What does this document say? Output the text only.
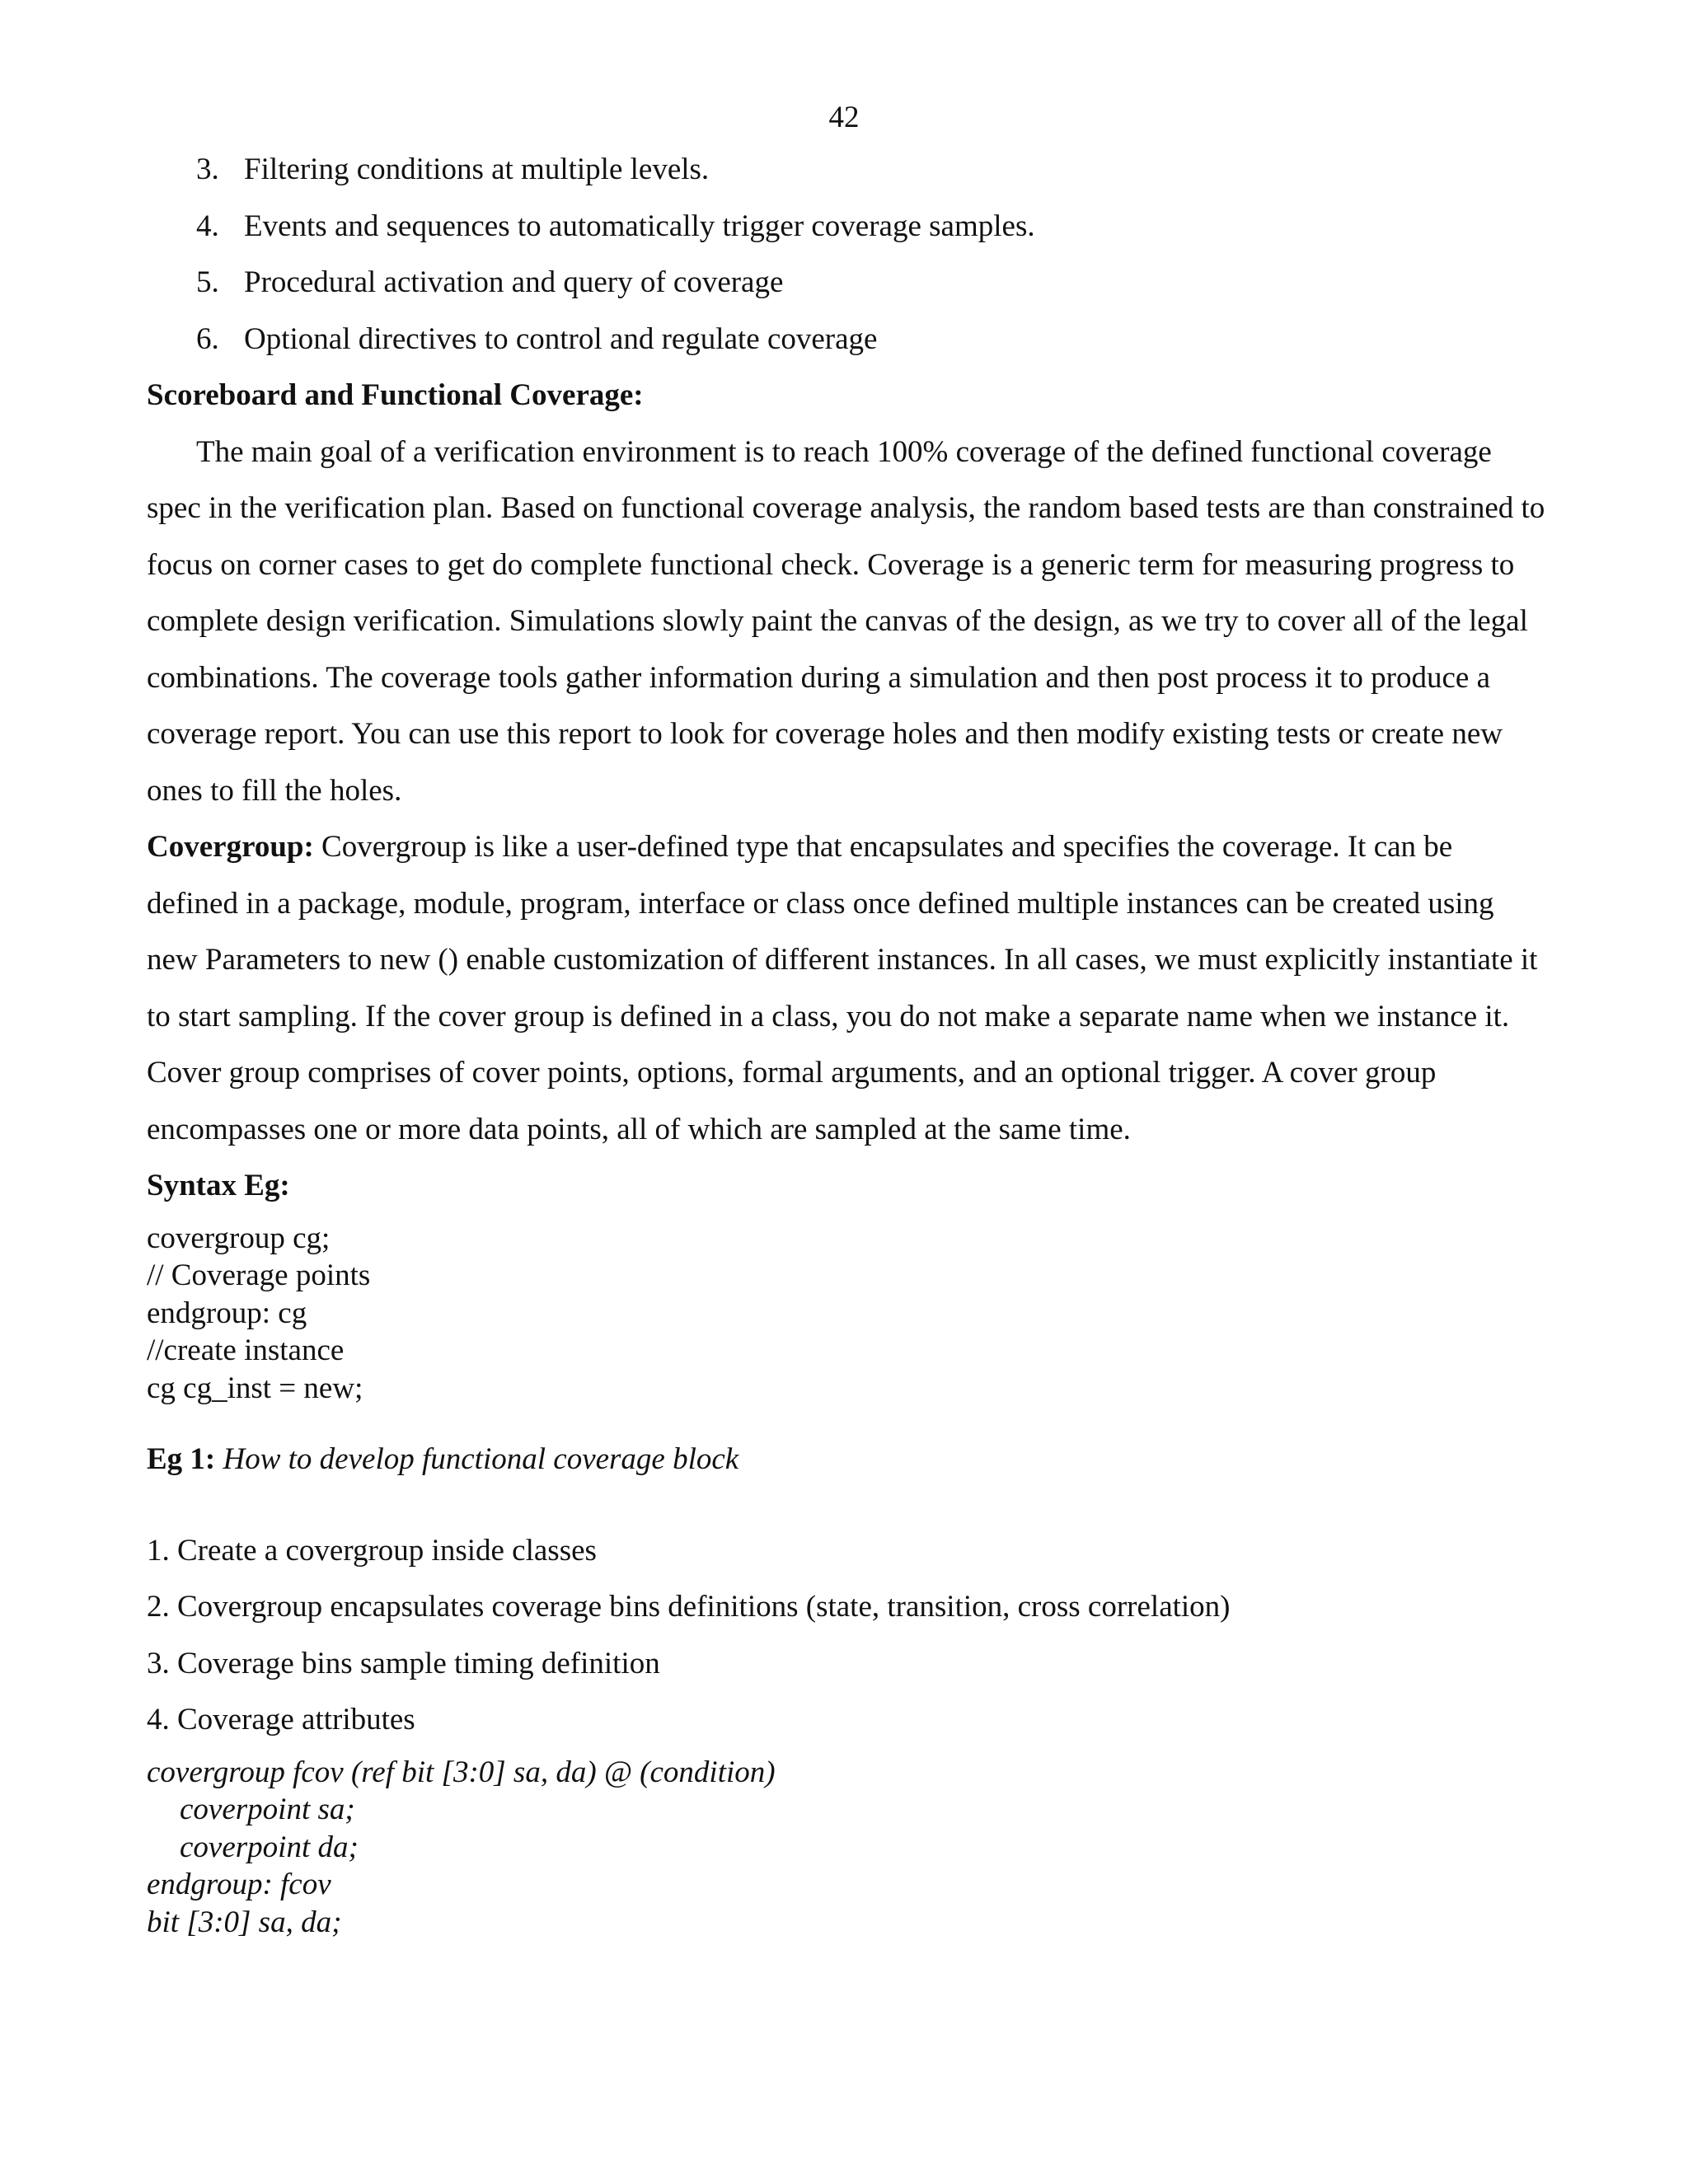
42
3. Filtering conditions at multiple levels.
4. Events and sequences to automatically trigger coverage samples.
5. Procedural activation and query of coverage
6. Optional directives to control and regulate coverage
Scoreboard and Functional Coverage:

The main goal of a verification environment is to reach 100% coverage of the defined functional coverage spec in the verification plan. Based on functional coverage analysis, the random based tests are than constrained to focus on corner cases to get do complete functional check. Coverage is a generic term for measuring progress to complete design verification. Simulations slowly paint the canvas of the design, as we try to cover all of the legal combinations. The coverage tools gather information during a simulation and then post process it to produce a coverage report. You can use this report to look for coverage holes and then modify existing tests or create new ones to fill the holes.

Covergroup: Covergroup is like a user-defined type that encapsulates and specifies the coverage. It can be defined in a package, module, program, interface or class once defined multiple instances can be created using new Parameters to new () enable customization of different instances. In all cases, we must explicitly instantiate it to start sampling. If the cover group is defined in a class, you do not make a separate name when we instance it. Cover group comprises of cover points, options, formal arguments, and an optional trigger. A cover group encompasses one or more data points, all of which are sampled at the same time.

Syntax Eg:
covergroup cg;
// Coverage points
endgroup: cg
//create instance
cg cg_inst = new;
Eg 1: How to develop functional coverage block
1. Create a covergroup inside classes
2. Covergroup encapsulates coverage bins definitions (state, transition, cross correlation)
3. Coverage bins sample timing definition
4. Coverage attributes
covergroup fcov (ref bit [3:0] sa, da) @ (condition)
coverpoint sa;
coverpoint da;
endgroup: fcov
bit [3:0] sa, da;
